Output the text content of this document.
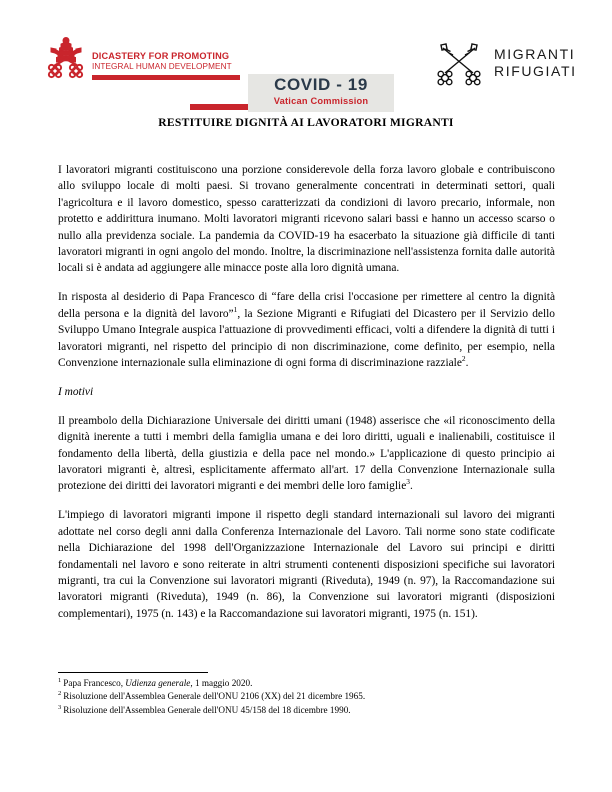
DICASTERY FOR PROMOTING
INTEGRAL HUMAN DEVELOPMENT
COVID - 19
Vatican Commission
MIGRANTI
RIFUGIATI
RESTITUIRE DIGNITÀ AI LAVORATORI MIGRANTI

I lavoratori migranti costituiscono una porzione considerevole della forza lavoro globale e contribuiscono allo sviluppo locale di molti paesi. Si trovano generalmente concentrati in determinati settori, quali l'agricoltura e il lavoro domestico, spesso caratterizzati da condizioni di lavoro precario, informale, non protetto e addirittura inumano. Molti lavoratori migranti ricevono salari bassi e hanno un accesso scarso o nullo alla previdenza sociale. La pandemia da COVID-19 ha esacerbato la situazione già difficile di tanti lavoratori migranti in ogni angolo del mondo. Inoltre, la discriminazione nell'assistenza fornita dalle autorità locali si è andata ad aggiungere alle minacce poste alla loro dignità umana.

In risposta al desiderio di Papa Francesco di “fare della crisi l'occasione per rimettere al centro la dignità della persona e la dignità del lavoro”$^1$, la Sezione Migranti e Rifugiati del Dicastero per il Servizio dello Sviluppo Umano Integrale auspica l'attuazione di provvedimenti efficaci, volti a difendere la dignità di tutti i lavoratori migranti, nel rispetto del principio di non discriminazione, come definito, per esempio, nella Convenzione internazionale sulla eliminazione di ogni forma di discriminazione razziale$^2$.

I motivi

Il preambolo della Dichiarazione Universale dei diritti umani (1948) asserisce che «il riconoscimento della dignità inerente a tutti i membri della famiglia umana e dei loro diritti, uguali e inalienabili, costituisce il fondamento della libertà, della giustizia e della pace nel mondo.» L'applicazione di questo principio ai lavoratori migranti è, altresì, esplicitamente affermato all'art. 17 della Convenzione Internazionale sulla protezione dei diritti dei lavoratori migranti e dei membri delle loro famiglie$^3$.

L'impiego di lavoratori migranti impone il rispetto degli standard internazionali sul lavoro dei migranti adottate nel corso degli anni dalla Conferenza Internazionale del Lavoro. Tali norme sono state codificate nella Dichiarazione del 1998 dell'Organizzazione Internazionale del Lavoro sui principi e diritti fondamentali nel lavoro e sono reiterate in altri strumenti contenenti disposizioni specifiche sui lavoratori migranti, tra cui la Convenzione sui lavoratori migranti (Riveduta), 1949 (n. 97), la Raccomandazione sui lavoratori migranti (Riveduta), 1949 (n. 86), la Convenzione sui lavoratori migranti (disposizioni complementari), 1975 (n. 143) e la Raccomandazione sui lavoratori migranti, 1975 (n. 151).

$^1$ Papa Francesco, Udienza generale, 1 maggio 2020.
$^2$ Risoluzione dell'Assemblea Generale dell'ONU 2106 (XX) del 21 dicembre 1965.
$^3$ Risoluzione dell'Assemblea Generale dell'ONU 45/158 del 18 dicembre 1990.
